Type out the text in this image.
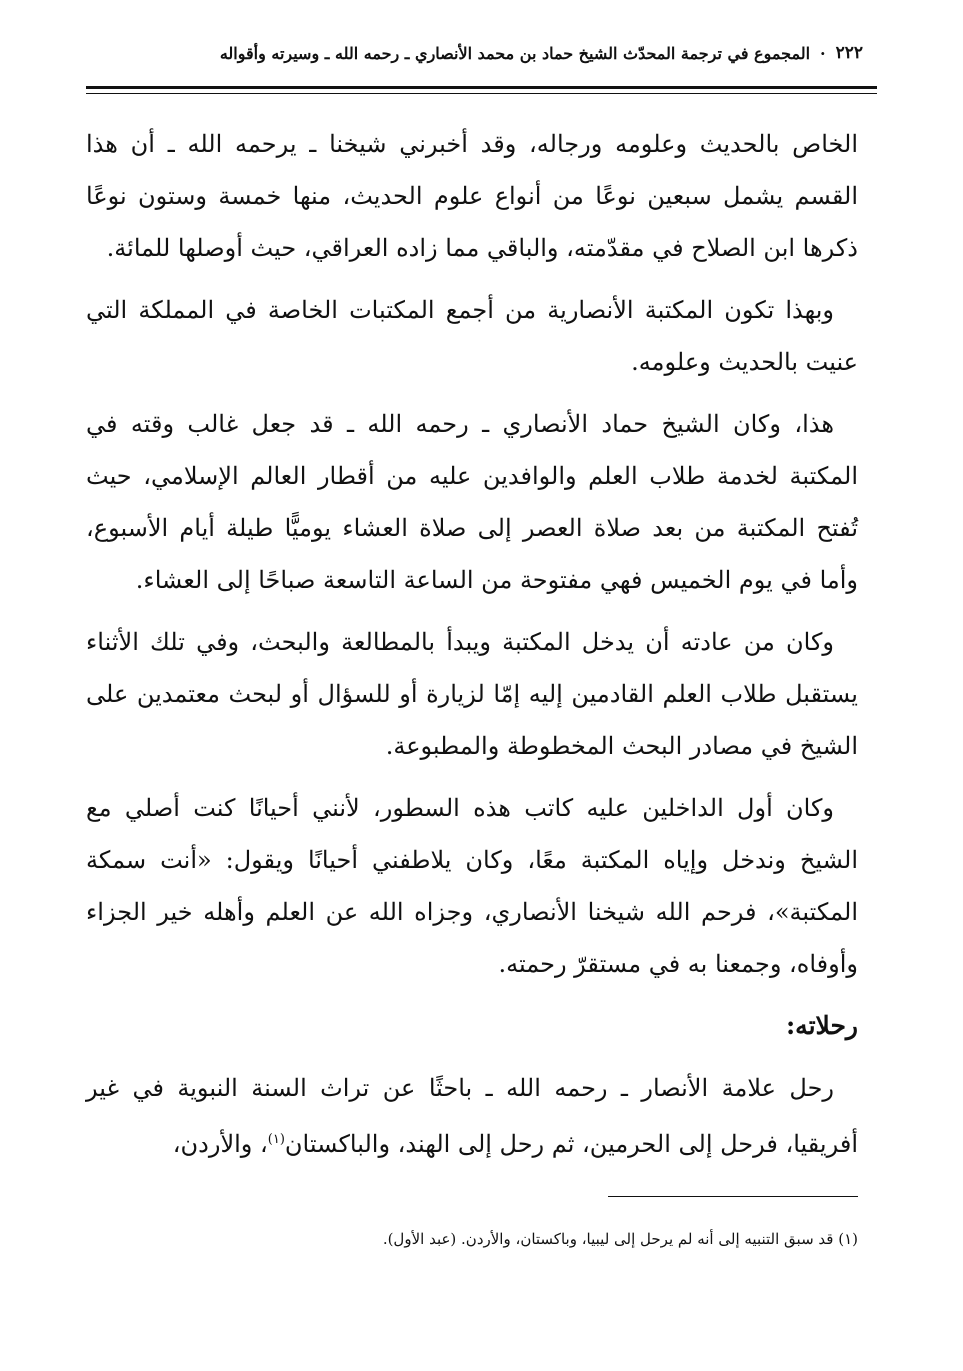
٢٢٢
·
المجموع في ترجمة المحدّث الشيخ حماد بن محمد الأنصاري ـ رحمه الله ـ وسيرته وأقواله

الخاص بالحديث وعلومه ورجاله، وقد أخبرني شيخنا ـ يرحمه الله ـ أن هذا القسم يشمل سبعين نوعًا من أنواع علوم الحديث، منها خمسة وستون نوعًا ذكرها ابن الصلاح في مقدّمته، والباقي مما زاده العراقي، حيث أوصلها للمائة.

وبهذا تكون المكتبة الأنصارية من أجمع المكتبات الخاصة في المملكة التي عنيت بالحديث وعلومه.

هذا، وكان الشيخ حماد الأنصاري ـ رحمه الله ـ قد جعل غالب وقته في المكتبة لخدمة طلاب العلم والوافدين عليه من أقطار العالم الإسلامي، حيث تُفتح المكتبة من بعد صلاة العصر إلى صلاة العشاء يوميًّا طيلة أيام الأسبوع، وأما في يوم الخميس فهي مفتوحة من الساعة التاسعة صباحًا إلى العشاء.

وكان من عادته أن يدخل المكتبة ويبدأ بالمطالعة والبحث، وفي تلك الأثناء يستقبل طلاب العلم القادمين إليه إمّا لزيارة أو للسؤال أو لبحث معتمدين على الشيخ في مصادر البحث المخطوطة والمطبوعة.

وكان أول الداخلين عليه كاتب هذه السطور، لأنني أحيانًا كنت أصلي مع الشيخ وندخل وإياه المكتبة معًا، وكان يلاطفني أحيانًا ويقول: «أنت سمكة المكتبة»، فرحم الله شيخنا الأنصاري، وجزاه الله عن العلم وأهله خير الجزاء وأوفاه، وجمعنا به في مستقرّ رحمته.

رحلاته:

رحل علامة الأنصار ـ رحمه الله ـ باحثًا عن تراث السنة النبوية في غير أفريقيا، فرحل إلى الحرمين، ثم رحل إلى الهند، والباكستان$^{(١)}$، والأردن،

(١) قد سبق التنبيه إلى أنه لم يرحل إلى ليبيا، وباكستان، والأردن. (عبد الأول).
